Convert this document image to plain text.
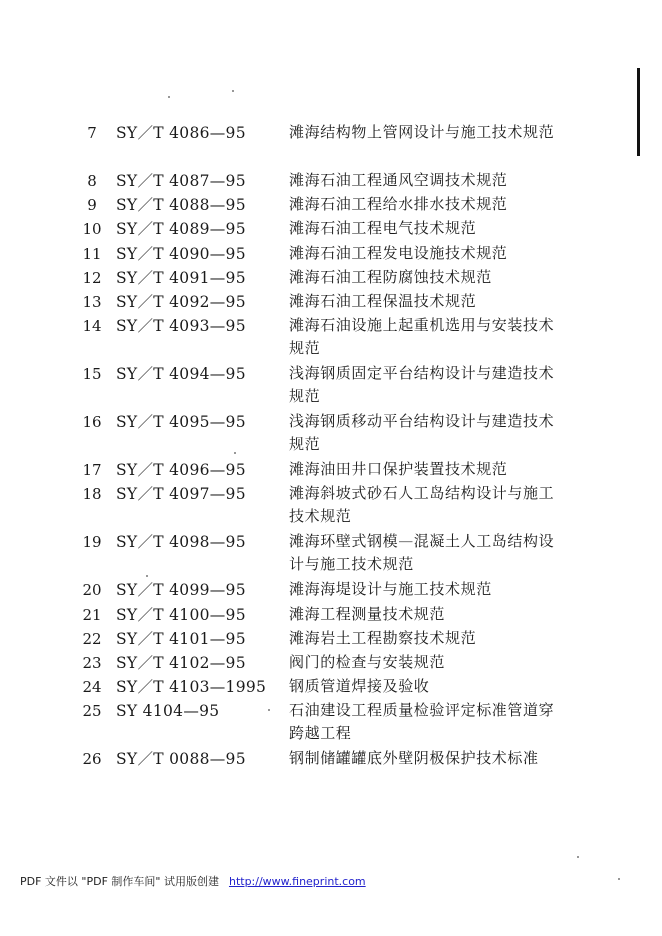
7	SY／T 4086—95	滩海结构物上管网设计与施工技术规范
8	SY／T 4087—95	滩海石油工程通风空调技术规范
9	SY／T 4088—95	滩海石油工程给水排水技术规范
10 SY／T 4089—95	滩海石油工程电气技术规范
11 SY／T 4090—95	滩海石油工程发电设施技术规范
12 SY／T 4091—95	滩海石油工程防腐蚀技术规范
13 SY／T 4092—95	滩海石油工程保温技术规范
14 SY／T 4093—95	滩海石油设施上起重机选用与安装技术规范
15 SY／T 4094—95	浅海钢质固定平台结构设计与建造技术规范
16 SY／T 4095—95	浅海钢质移动平台结构设计与建造技术规范
17 SY／T 4096—95	滩海油田井口保护装置技术规范
18 SY／T 4097—95	滩海斜坡式砂石人工岛结构设计与施工技术规范
19 SY／T 4098—95	滩海环壁式钢模—混凝土人工岛结构设计与施工技术规范
20 SY／T 4099—95	滩海海堤设计与施工技术规范
21 SY／T 4100—95	滩海工程测量技术规范
22 SY／T 4101—95	滩海岩土工程勘察技术规范
23 SY／T 4102—95	阀门的检查与安装规范
24 SY／T 4103—1995 钢质管道焊接及验收
25 SY 4104—95	石油建设工程质量检验评定标准管道穿跨越工程
26 SY／T 0088—95	钢制储罐罐底外壁阴极保护技术标准
PDF 文件以 "PDF 制作车间" 试用版创建 http://www.fineprint.com
